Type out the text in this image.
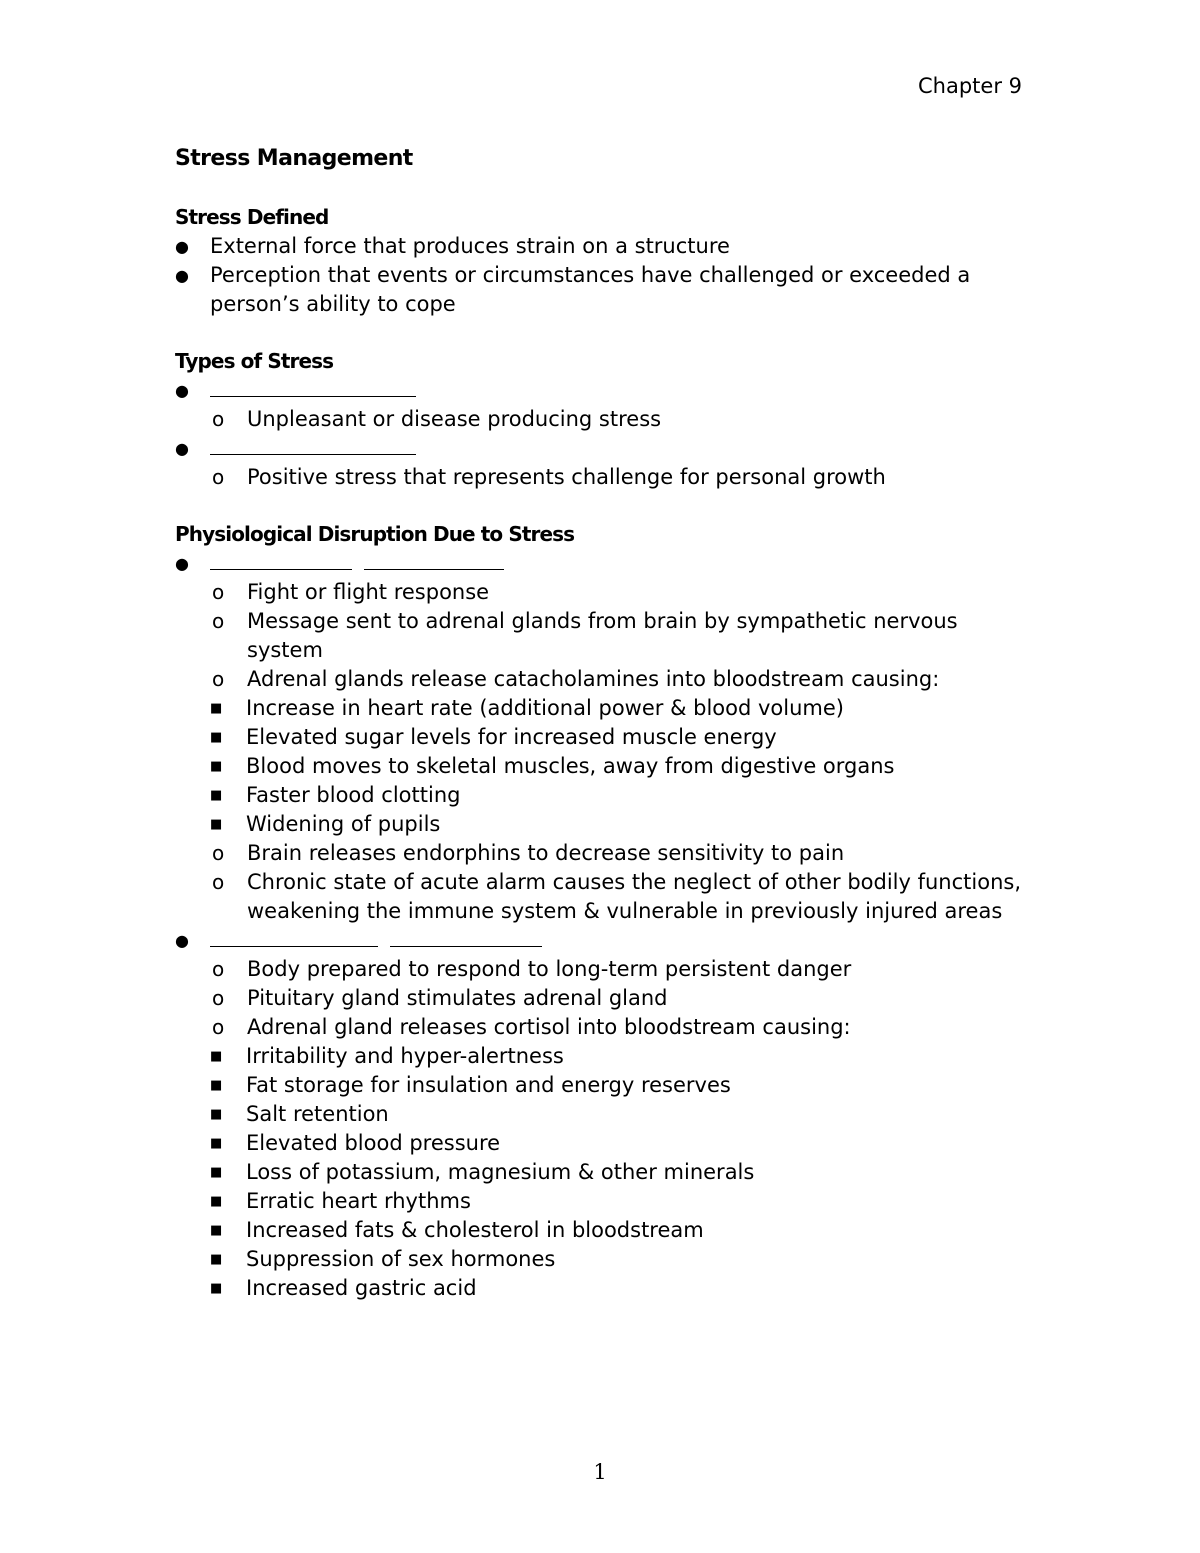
Chapter 9
Stress Management
Stress Defined
●	External force that produces strain on a structure
●	Perception that events or circumstances have challenged or exceeded a person’s ability to cope
Types of Stress
●
o	Unpleasant or disease producing stress
●
o	Positive stress that represents challenge for personal growth
Physiological Disruption Due to Stress
●
o	Fight or flight response
o	Message sent to adrenal glands from brain by sympathetic nervous system
o	Adrenal glands release catacholamines into bloodstream causing:
■	Increase in heart rate (additional power & blood volume)
■	Elevated sugar levels for increased muscle energy
■	Blood moves to skeletal muscles, away from digestive organs
■	Faster blood clotting
■	Widening of pupils
o	Brain releases endorphins to decrease sensitivity to pain
o	Chronic state of acute alarm causes the neglect of other bodily functions, weakening the immune system & vulnerable in previously injured areas
●
o	Body prepared to respond to long-term persistent danger
o	Pituitary gland stimulates adrenal gland
o	Adrenal gland releases cortisol into bloodstream causing:
■	Irritability and hyper-alertness
■	Fat storage for insulation and energy reserves
■	Salt retention
■	Elevated blood pressure
■	Loss of potassium, magnesium & other minerals
■	Erratic heart rhythms
■	Increased fats & cholesterol in bloodstream
■	Suppression of sex hormones
■	Increased gastric acid
1
